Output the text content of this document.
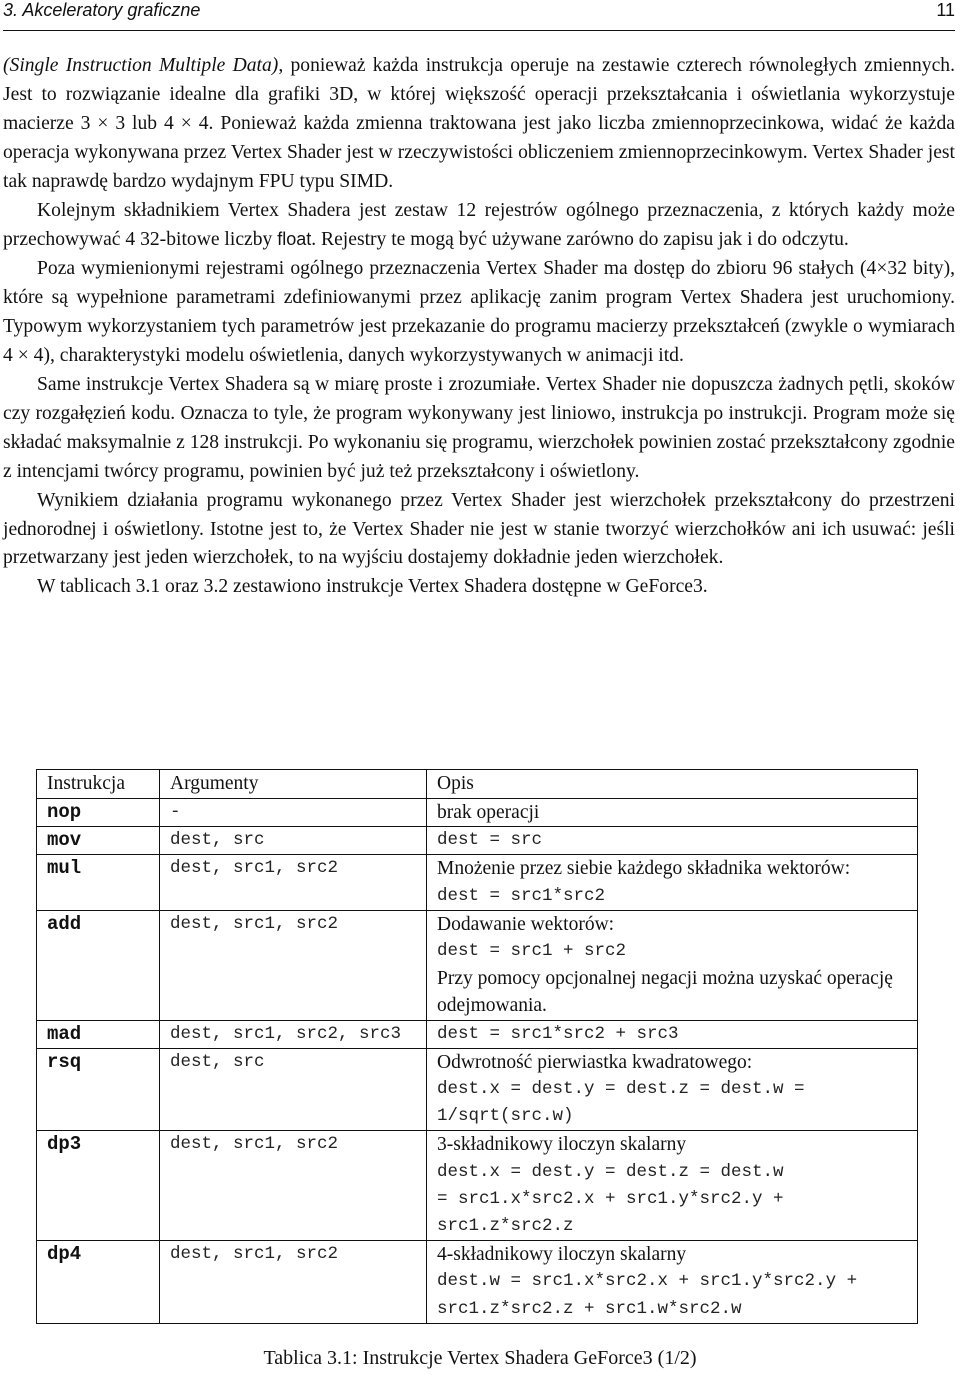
3. Akceleratory graficzne	11

(Single Instruction Multiple Data), ponieważ każda instrukcja operuje na zestawie czterech równoległych zmiennych. Jest to rozwiązanie idealne dla grafiki 3D, w której większość operacji przekształcania i oświetlania wykorzystuje macierze 3 × 3 lub 4 × 4. Ponieważ każda zmienna traktowana jest jako liczba zmiennoprzecinkowa, widać że każda operacja wykonywana przez Vertex Shader jest w rzeczywistości obliczeniem zmiennoprzecinkowym. Vertex Shader jest tak naprawdę bardzo wydajnym FPU typu SIMD.

Kolejnym składnikiem Vertex Shadera jest zestaw 12 rejestrów ogólnego przeznaczenia, z których każdy może przechowywać 4 32-bitowe liczby float. Rejestry te mogą być używane zarówno do zapisu jak i do odczytu.

Poza wymienionymi rejestrami ogólnego przeznaczenia Vertex Shader ma dostęp do zbioru 96 stałych (4×32 bity), które są wypełnione parametrami zdefiniowanymi przez aplikację zanim program Vertex Shadera jest uruchomiony. Typowym wykorzystaniem tych parametrów jest przekazanie do programu macierzy przekształceń (zwykle o wymiarach 4 × 4), charakterystyki modelu oświetlenia, danych wykorzystywanych w animacji itd.

Same instrukcje Vertex Shadera są w miarę proste i zrozumiałe. Vertex Shader nie dopuszcza żadnych pętli, skoków czy rozgałęzień kodu. Oznacza to tyle, że program wykonywany jest liniowo, instrukcja po instrukcji. Program może się składać maksymalnie z 128 instrukcji. Po wykonaniu się programu, wierzchołek powinien zostać przekształcony zgodnie z intencjami twórcy programu, powinien być już też przekształcony i oświetlony.

Wynikiem działania programu wykonanego przez Vertex Shader jest wierzchołek przekształcony do przestrzeni jednorodnej i oświetlony. Istotne jest to, że Vertex Shader nie jest w stanie tworzyć wierzchołków ani ich usuwać: jeśli przetwarzany jest jeden wierzchołek, to na wyjściu dostajemy dokładnie jeden wierzchołek.

W tablicach 3.1 oraz 3.2 zestawiono instrukcje Vertex Shadera dostępne w GeForce3.

Instrukcja	Argumenty	Opis
nop	-	brak operacji

mov	dest, src	dest = src

mul	dest, src1, src2	Mnożenie przez siebie każdego składnika wektorów:
dest = src1*src2

add	dest, src1, src2	Dodawanie wektorów:
dest = src1 + src2
Przy pomocy opcjonalnej negacji można uzyskać operację odejmowania.

mad	dest, src1, src2, src3	dest = src1*src2 + src3

rsq	dest, src	Odwrotność pierwiastka kwadratowego:
dest.x = dest.y = dest.z = dest.w =
1/sqrt(src.w)

dp3	dest, src1, src2	3-składnikowy iloczyn skalarny
dest.x = dest.y = dest.z = dest.w
= src1.x*src2.x + src1.y*src2.y +
src1.z*src2.z

dp4	dest, src1, src2	4-składnikowy iloczyn skalarny
dest.w = src1.x*src2.x + src1.y*src2.y +
src1.z*src2.z + src1.w*src2.w
Tablica 3.1: Instrukcje Vertex Shadera GeForce3 (1/2)
